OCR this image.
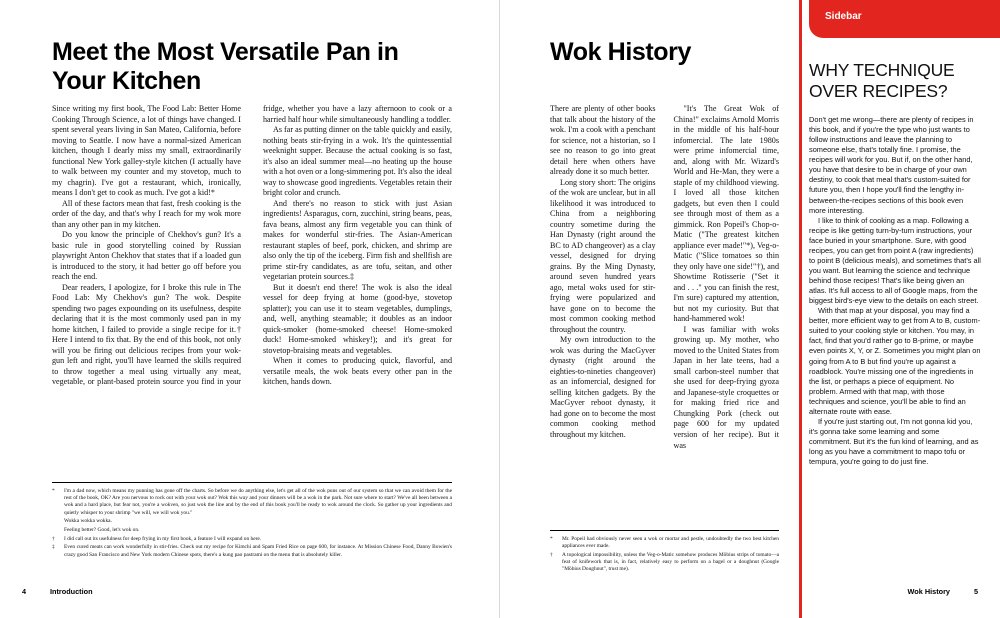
Meet the Most Versatile Pan in Your Kitchen

Since writing my first book, The Food Lab: Better Home Cooking Through Science, a lot of things have changed. I spent several years living in San Mateo, California, before moving to Seattle. I now have a normal-sized American kitchen, though I dearly miss my small, extraordinarily functional New York galley-style kitchen (I actually have to walk between my counter and my stovetop, much to my chagrin). I've got a restaurant, which, ironically, means I don't get to cook as much. I've got a kid!*

All of these factors mean that fast, fresh cooking is the order of the day, and that's why I reach for my wok more than any other pan in my kitchen.

Do you know the principle of Chekhov's gun? It's a basic rule in good storytelling coined by Russian playwright Anton Chekhov that states that if a loaded gun is introduced to the story, it had better go off before you reach the end.

Dear readers, I apologize, for I broke this rule in The Food Lab: My Chekhov's gun? The wok. Despite spending two pages expounding on its usefulness, despite declaring that it is the most commonly used pan in my home kitchen, I failed to provide a single recipe for it.† Here I intend to fix that. By the end of this book, not only will you be firing out delicious recipes from your wok-gun left and right, you'll have learned the skills required to throw together a meal using virtually any meat, vegetable, or plant-based protein source you find in your fridge, whether you have a lazy afternoon to cook or a harried half hour while simultaneously handling a toddler.

As far as putting dinner on the table quickly and easily, nothing beats stir-frying in a wok. It's the quintessential weeknight supper. Because the actual cooking is so fast, it's also an ideal summer meal—no heating up the house with a hot oven or a long-simmering pot. It's also the ideal way to showcase good ingredients. Vegetables retain their bright color and crunch.

And there's no reason to stick with just Asian ingredients! Asparagus, corn, zucchini, string beans, peas, fava beans, almost any firm vegetable you can think of makes for wonderful stir-fries. The Asian-American restaurant staples of beef, pork, chicken, and shrimp are also only the tip of the iceberg. Firm fish and shellfish are prime stir-fry candidates, as are tofu, seitan, and other vegetarian protein sources.‡

But it doesn't end there! The wok is also the ideal vessel for deep frying at home (good-bye, stovetop splatter); you can use it to steam vegetables, dumplings, and, well, anything steamable; it doubles as an indoor quick-smoker (home-smoked cheese! Home-smoked duck! Home-smoked whiskey!); and it's great for stovetop-braising meats and vegetables.

When it comes to producing quick, flavorful, and versatile meals, the wok beats every other pan in the kitchen, hands down.

*	I'm a dad now, which means my punning has gone off the charts. So before we do anything else, let's get all of the wok puns out of our system so that we can avoid them for the rest of the book, OK? Are you nervous to rock out with your wok out? Wok this way and your dinners will be a wok in the park. Not sure where to start? We've all been between a wok and a hard place, but fear not, you're a wokven, so just wok the line and by the end of this book you'll be ready to wok around the clock. So gather up your ingredients and quietly whisper to your shrimp "we will, we will wok you."
Wokka wokka wokka.
Feeling better? Good, let's wok on.
†	I did call out its usefulness for deep frying in my first book, a feature I will expand on here.
‡	Even cured meats can work wonderfully in stir-fries. Check out my recipe for Kimchi and Spam Fried Rice on page 600, for instance. At Mission Chinese Food, Danny Bowien's crazy good San Francisco and New York modern Chinese spots, there's a kung pao pastrami on the menu that is absolutely killer.
4	Introduction
Wok History

There are plenty of other books that talk about the history of the wok. I'm a cook with a penchant for science, not a historian, so I see no reason to go into great detail here when others have already done it so much better.

Long story short: The origins of the wok are unclear, but in all likelihood it was introduced to China from a neighboring country sometime during the Han Dynasty (right around the BC to AD changeover) as a clay vessel, designed for drying grains. By the Ming Dynasty, around seven hundred years ago, metal woks used for stir-frying were popularized and have gone on to become the most common cooking method throughout the country.

My own introduction to the wok was during the MacGyver dynasty (right around the eighties-to-nineties changeover) as an infomercial, designed for selling kitchen gadgets. By the MacGyver reboot dynasty, it had gone on to become the most common cooking method throughout my kitchen.

"It's The Great Wok of China!" exclaims Arnold Morris in the middle of his half-hour infomercial. The late 1980s were prime infomercial time, and, along with Mr. Wizard's World and He-Man, they were a staple of my childhood viewing. I loved all those kitchen gadgets, but even then I could see through most of them as a gimmick. Ron Popeil's Chop-o-Matic ("The greatest kitchen appliance ever made!"*), Veg-o-Matic ("Slice tomatoes so thin they only have one side!"†), and Showtime Rotisserie ("Set it and . . ." you can finish the rest, I'm sure) captured my attention, but not my curiosity. But that hand-hammered wok!

I was familiar with woks growing up. My mother, who moved to the United States from Japan in her late teens, had a small carbon-steel number that she used for deep-frying gyoza and Japanese-style croquettes or for making fried rice and Chungking Pork (check out page 600 for my updated version of her recipe). But it was

*	Mr. Popeil had obviously never seen a wok or mortar and pestle, undoubtedly the two best kitchen appliances ever made.
†	A topological impossibility, unless the Veg-o-Matic somehow produces Möbius strips of tomato—a feat of knifework that is, in fact, relatively easy to perform on a bagel or a doughnut (Google "Möbius Doughnut", trust me).
Sidebar
WHY TECHNIQUE OVER RECIPES?

Don't get me wrong—there are plenty of recipes in this book, and if you're the type who just wants to follow instructions and leave the planning to someone else, that's totally fine. I promise, the recipes will work for you. But if, on the other hand, you have that desire to be in charge of your own destiny, to cook that meal that's custom-suited for future you, then I hope you'll find the lengthy in-between-the-recipes sections of this book even more interesting.

I like to think of cooking as a map. Following a recipe is like getting turn-by-turn instructions, your face buried in your smartphone. Sure, with good recipes, you can get from point A (raw ingredients) to point B (delicious meals), and sometimes that's all you want. But learning the science and technique behind those recipes! That's like being given an atlas. It's full access to all of Google maps, from the biggest bird's-eye view to the details on each street.

With that map at your disposal, you may find a better, more efficient way to get from A to B, custom-suited to your cooking style or kitchen. You may, in fact, find that you'd rather go to B-prime, or maybe even points X, Y, or Z. Sometimes you might plan on going from A to B but find you're up against a roadblock. You're missing one of the ingredients in the list, or perhaps a piece of equipment. No problem. Armed with that map, with those techniques and science, you'll be able to find an alternate route with ease.

If you're just starting out, I'm not gonna kid you, it's gonna take some learning and some commitment. But it's the fun kind of learning, and as long as you have a commitment to mapo tofu or tempura, you're going to do just fine.

Wok History	5
